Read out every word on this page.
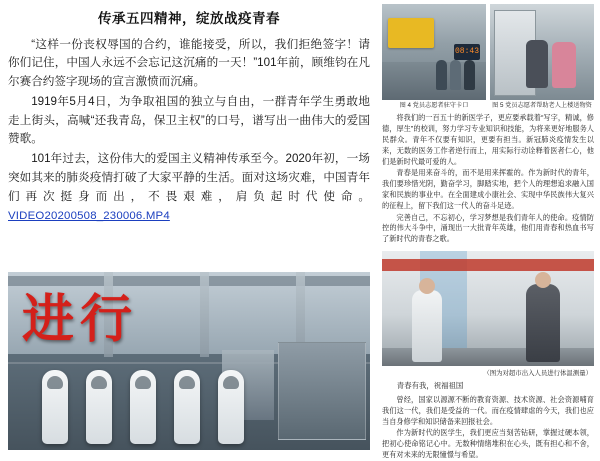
传承五四精神，绽放战疫青春

“这样一份丧权辱国的合约，谁能接受，所以，我们拒绝签字！请你们记住，中国人永远不会忘记这沉痛的一天！”101年前，顾维钧在凡尔赛合约签字现场的宣言激愤而沉痛。

1919年5月4日，为争取祖国的独立与自由，一群青年学生勇敢地走上街头，高喊“还我青岛，保卫主权”的口号，谱写出一曲伟大的爱国赞歌。

101年过去，这份伟大的爱国主义精神传承至今。2020年初，一场突如其来的肺炎疫情打破了大家平静的生活。面对这场灾难，中国青年们再次挺身而出，不畏艰难，肩负起时代使命。 VIDEO20200508_230006.MP4

进行
08:43
图 4 党员志愿者驻守卡口	图 5 党员志愿者帮助老人上楼送物资

将我们的一百五十的新医学子，更应要承载着“写字，精诚，修德，厚生”的校训，努力学习专业知识和技能，为将来更好地服务人民群众。青年不仅要有知识，更要有担当。新冠肺炎疫情发生以来，无数的医务工作者逆行而上，用实际行动诠释着医者仁心，他们是新时代最可爱的人。

青春是用来奋斗的，而不是用来挥霍的。作为新时代的青年，我们要珍惜光阴，勤奋学习，脚踏实地，把个人的理想追求融入国家和民族的事业中。在全面建成小康社会、实现中华民族伟大复兴的征程上，留下我们这一代人的奋斗足迹。

完善自己，不忘初心，学习梦想是我们青年人的使命。疫情防控的伟大斗争中，涌现出一大批青年英雄，他们用青春和热血书写了新时代的青春之歌。

（图为对超市出入人员进行体温测量）
青春有我，祝福祖国

曾经，国家以源源不断的教育资源、技术资源、社会资源哺育我们这一代，我们是受益的一代。而在疫情肆虐的今天，我们也应当自身修学和知识储备来回报社会。

作为新时代的医学生，我们更应当刻苦钻研，掌握过硬本领，把初心使命铭记心中。无数种情绪堆积在心头，既有担心和不舍，更有对未来的无限憧憬与希望。
